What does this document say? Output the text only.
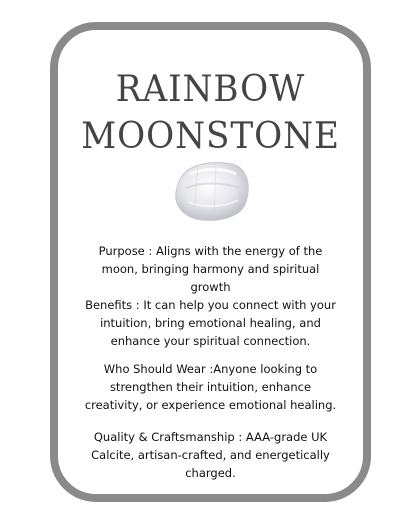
RAINBOW
MOONSTONE

Purpose : Aligns with the energy of the
moon, bringing harmony and spiritual
growth
Benefits : It can help you connect with your
intuition, bring emotional healing, and
enhance your spiritual connection.

Who Should Wear :Anyone looking to
strengthen their intuition, enhance
creativity, or experience emotional healing.

Quality & Craftsmanship : AAA-grade UK
Calcite, artisan-crafted, and energetically
charged.
